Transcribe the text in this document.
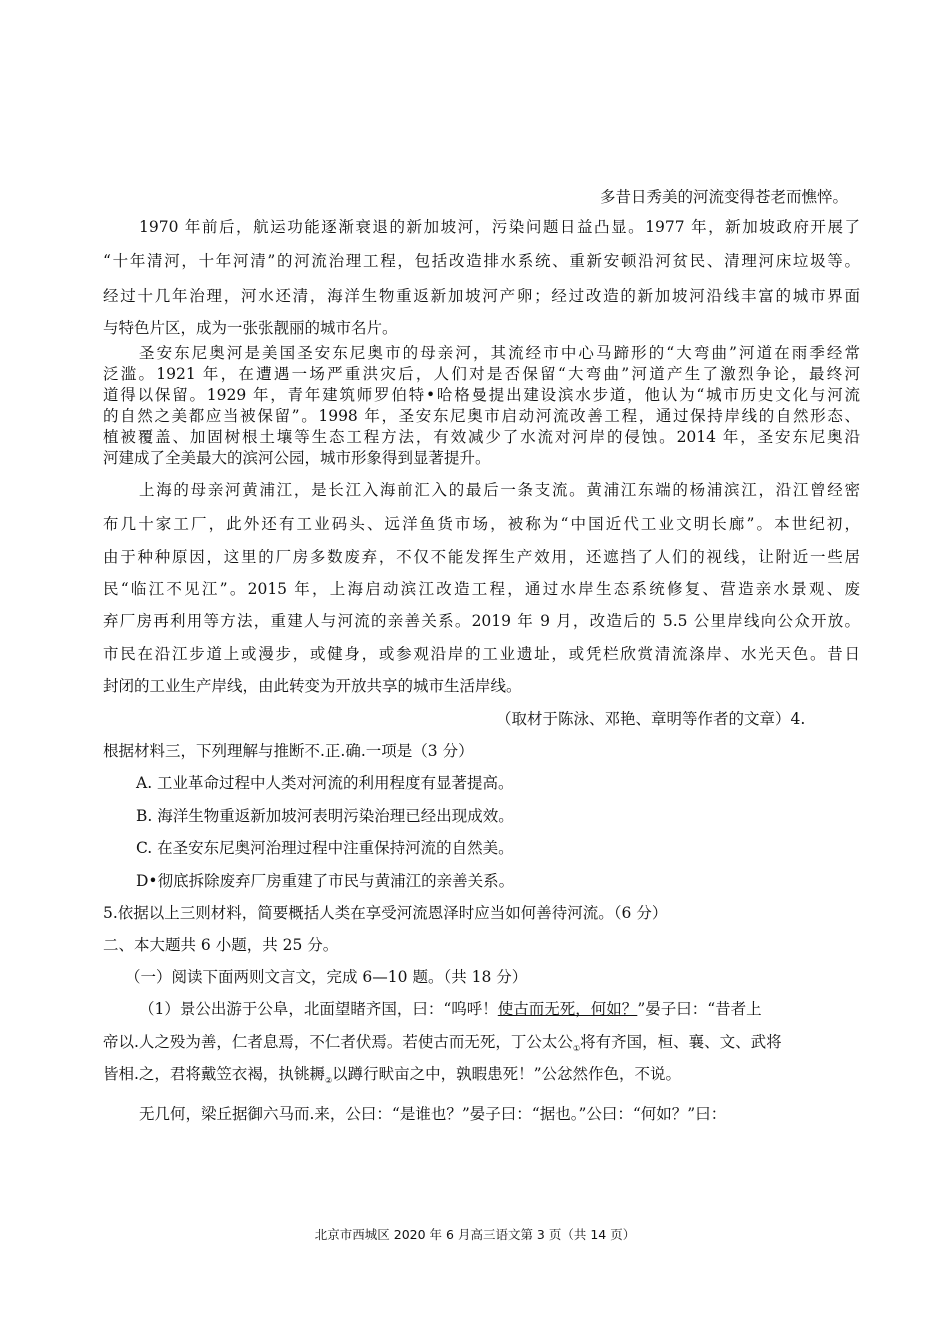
多昔日秀美的河流变得苍老而憔悴。
1970 年前后，航运功能逐渐衰退的新加坡河，污染问题日益凸显。1977 年，新加坡政府开展了
“十年清河，十年河清”的河流治理工程，包括改造排水系统、重新安顿沿河贫民、清理河床垃圾等。
经过十几年治理，河水还清，海洋生物重返新加坡河产卵；经过改造的新加坡河沿线丰富的城市界面
与特色片区，成为一张张靓丽的城市名片。
圣安东尼奥河是美国圣安东尼奥市的母亲河，其流经市中心马蹄形的“大弯曲”河道在雨季经常
泛滥。1921 年，在遭遇一场严重洪灾后，人们对是否保留“大弯曲”河道产生了激烈争论，最终河
道得以保留。1929 年，青年建筑师罗伯特•哈格曼提出建设滨水步道，他认为“城市历史文化与河流
的自然之美都应当被保留”。1998 年，圣安东尼奥市启动河流改善工程，通过保持岸线的自然形态、
植被覆盖、加固树根土壤等生态工程方法，有效减少了水流对河岸的侵蚀。2014 年，圣安东尼奥沿
河建成了全美最大的滨河公园，城市形象得到显著提升。
上海的母亲河黄浦江，是长江入海前汇入的最后一条支流。黄浦江东端的杨浦滨江，沿江曾经密
布几十家工厂，此外还有工业码头、远洋鱼货市场，被称为“中国近代工业文明长廊”。本世纪初，
由于种种原因，这里的厂房多数废弃，不仅不能发挥生产效用，还遮挡了人们的视线，让附近一些居
民“临江不见江”。2015 年，上海启动滨江改造工程，通过水岸生态系统修复、营造亲水景观、废
弃厂房再利用等方法，重建人与河流的亲善关系。2019 年 9 月，改造后的 5.5 公里岸线向公众开放。
市民在沿江步道上或漫步，或健身，或参观沿岸的工业遗址，或凭栏欣赏清流涤岸、水光天色。昔日
封闭的工业生产岸线，由此转变为开放共享的城市生活岸线。
（取材于陈泳、邓艳、章明等作者的文章）4.
根据材料三，下列理解与推断不.正.确.一项是（3 分）
A. 工业革命过程中人类对河流的利用程度有显著提高。
B. 海洋生物重返新加坡河表明污染治理已经出现成效。
C. 在圣安东尼奥河治理过程中注重保持河流的自然美。
D•彻底拆除废弃厂房重建了市民与黄浦江的亲善关系。
5.依据以上三则材料，简要概括人类在享受河流恩泽时应当如何善待河流。（6 分）
二、本大题共 6 小题，共 25 分。
（一）阅读下面两则文言文，完成 6—10 题。（共 18 分）
（1）景公出游于公阜，北面望睹齐国，曰：“呜呼！使古而无死，何如？”晏子曰：“昔者上
帝以.人之殁为善，仁者息焉，不仁者伏焉。若使古而无死，丁公太公$_①$将有齐国，桓、襄、文、武将
皆相.之，君将戴笠衣褐，执铫耨$_②$以蹲行畎亩之中，孰暇患死！”公忿然作色，不说。
无几何，梁丘据御六马而.来，公曰：“是谁也？”晏子曰：“据也。”公曰：“何如？”曰：
北京市西城区 2020 年 6 月高三语文第 3 页（共 14 页）
